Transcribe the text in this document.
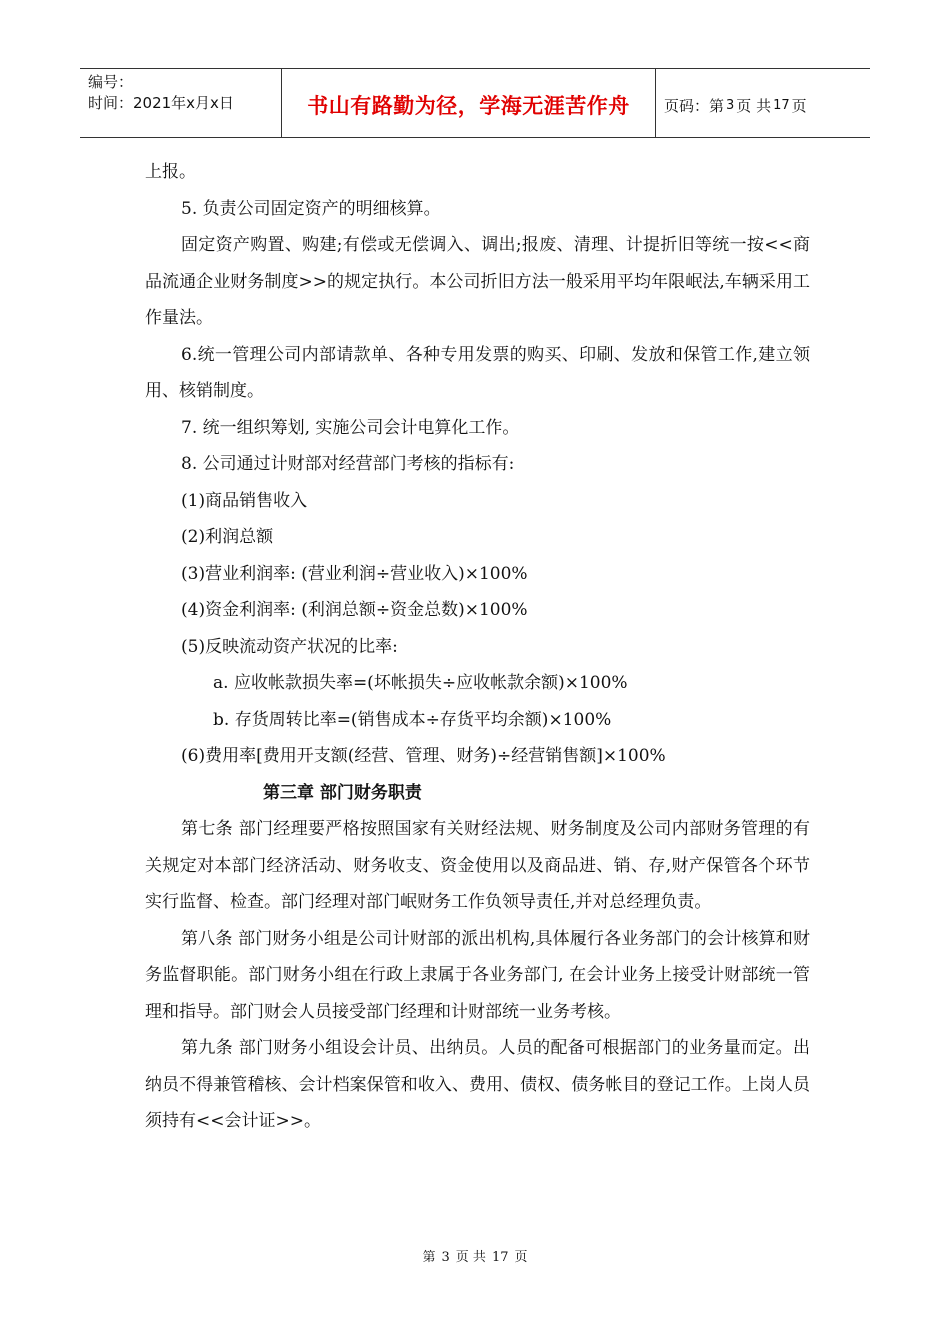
编号：
时间：2021年x月x日	书山有路勤为径，学海无涯苦作舟	页码：第 3 页 共 17 页

上报。

5. 负责公司固定资产的明细核算。

固定资产购置、购建;有偿或无偿调入、调出;报废、清理、计提折旧等统一按<<商品流通企业财务制度>>的规定执行。本公司折旧方法一般采用平均年限岷法,车辆采用工作量法。

6.统一管理公司内部请款单、各种专用发票的购买、印刷、发放和保管工作,建立领用、核销制度。

7. 统一组织筹划, 实施公司会计电算化工作。

8. 公司通过计财部对经营部门考核的指标有:

(1)商品销售收入

(2)利润总额

(3)营业利润率: (营业利润÷营业收入)×100%

(4)资金利润率: (利润总额÷资金总数)×100%

(5)反映流动资产状况的比率:

a. 应收帐款损失率=(坏帐损失÷应收帐款余额)×100%

b. 存货周转比率=(销售成本÷存货平均余额)×100%

(6)费用率[费用开支额(经营、管理、财务)÷经营销售额]×100%

第三章 部门财务职责

第七条 部门经理要严格按照国家有关财经法规、财务制度及公司内部财务管理的有关规定对本部门经济活动、财务收支、资金使用以及商品进、销、存,财产保管各个环节实行监督、检查。部门经理对部门岷财务工作负领导责任,并对总经理负责。

第八条 部门财务小组是公司计财部的派出机构,具体履行各业务部门的会计核算和财务监督职能。部门财务小组在行政上隶属于各业务部门, 在会计业务上接受计财部统一管理和指导。部门财会人员接受部门经理和计财部统一业务考核。

第九条 部门财务小组设会计员、出纳员。人员的配备可根据部门的业务量而定。出纳员不得兼管稽核、会计档案保管和收入、费用、债权、债务帐目的登记工作。上岗人员须持有<<会计证>>。

第 3 页 共 17 页
